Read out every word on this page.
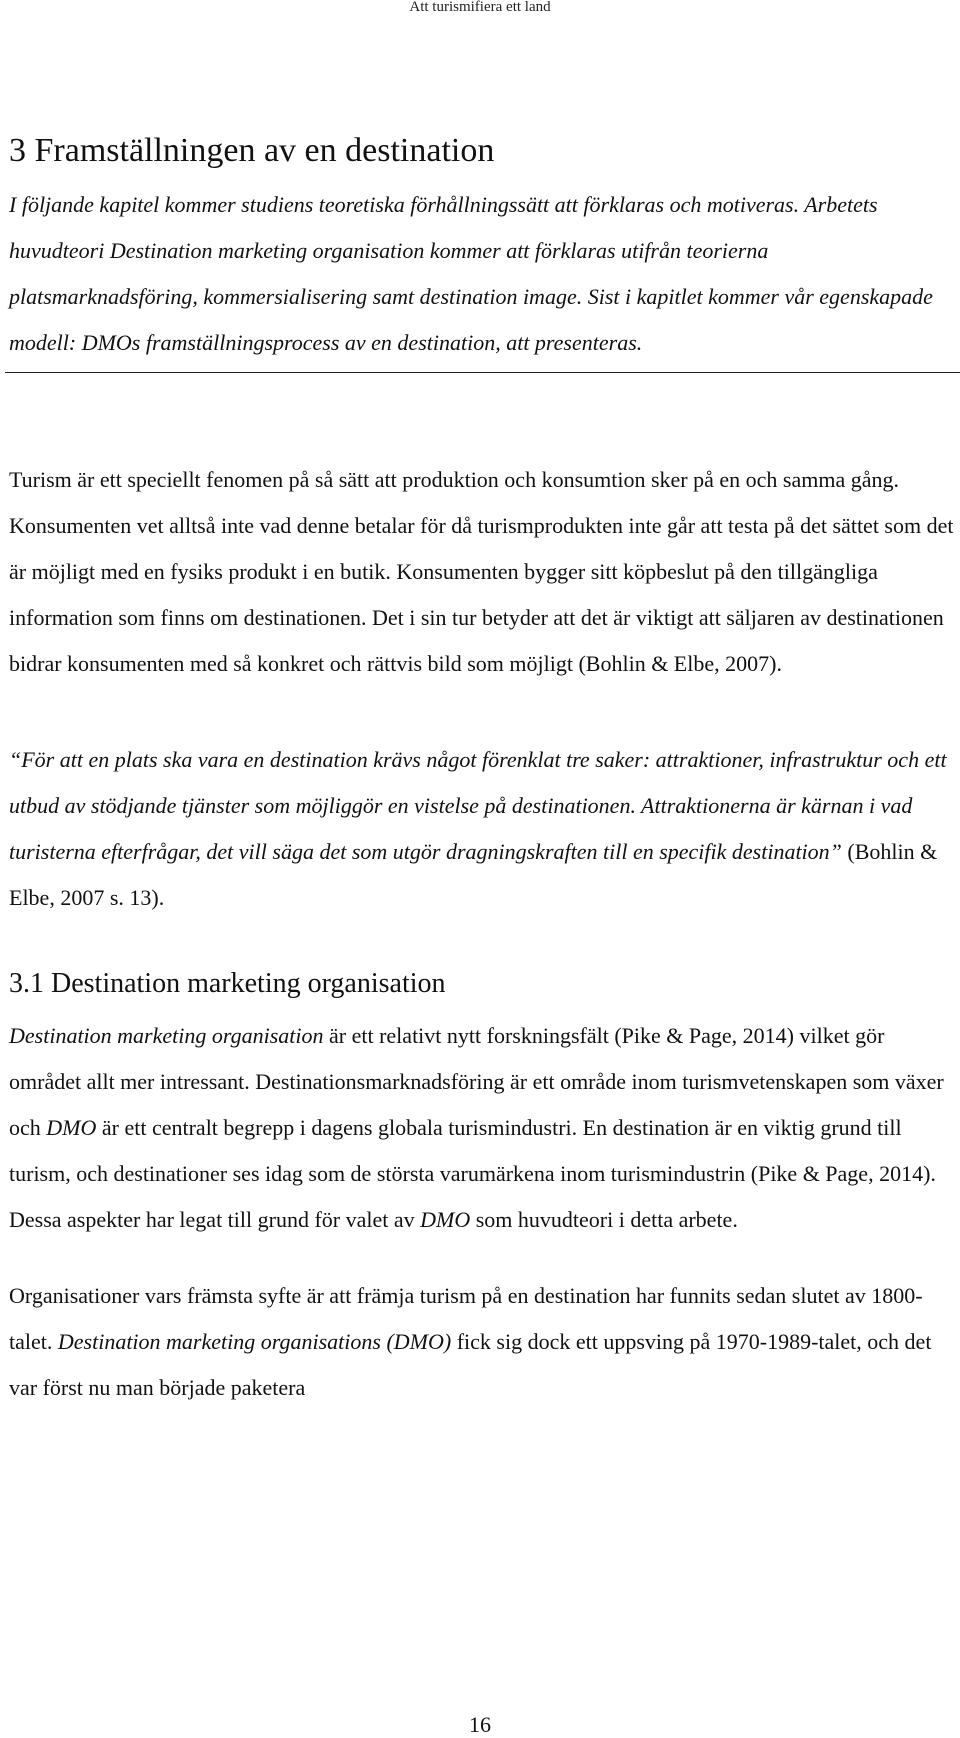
Att turismifiera ett land
3 Framställningen av en destination

I följande kapitel kommer studiens teoretiska förhållningssätt att förklaras och motiveras. Arbetets huvudteori Destination marketing organisation kommer att förklaras utifrån teorierna platsmarknadsföring, kommersialisering samt destination image. Sist i kapitlet kommer vår egenskapade modell: DMOs framställningsprocess av en destination, att presenteras.

Turism är ett speciellt fenomen på så sätt att produktion och konsumtion sker på en och samma gång. Konsumenten vet alltså inte vad denne betalar för då turismprodukten inte går att testa på det sättet som det är möjligt med en fysiks produkt i en butik. Konsumenten bygger sitt köpbeslut på den tillgängliga information som finns om destinationen. Det i sin tur betyder att det är viktigt att säljaren av destinationen bidrar konsumenten med så konkret och rättvis bild som möjligt (Bohlin & Elbe, 2007).

“För att en plats ska vara en destination krävs något förenklat tre saker: attraktioner, infrastruktur och ett utbud av stödjande tjänster som möjliggör en vistelse på destinationen. Attraktionerna är kärnan i vad turisterna efterfrågar, det vill säga det som utgör dragningskraften till en specifik destination” (Bohlin & Elbe, 2007 s. 13).

3.1 Destination marketing organisation

Destination marketing organisation är ett relativt nytt forskningsfält (Pike & Page, 2014) vilket gör området allt mer intressant. Destinationsmarknadsföring är ett område inom turismvetenskapen som växer och DMO är ett centralt begrepp i dagens globala turismindustri. En destination är en viktig grund till turism, och destinationer ses idag som de största varumärkena inom turismindustrin (Pike & Page, 2014). Dessa aspekter har legat till grund för valet av DMO som huvudteori i detta arbete.

Organisationer vars främsta syfte är att främja turism på en destination har funnits sedan slutet av 1800-talet. Destination marketing organisations (DMO) fick sig dock ett uppsving på 1970-1989-talet, och det var först nu man började paketera

16
